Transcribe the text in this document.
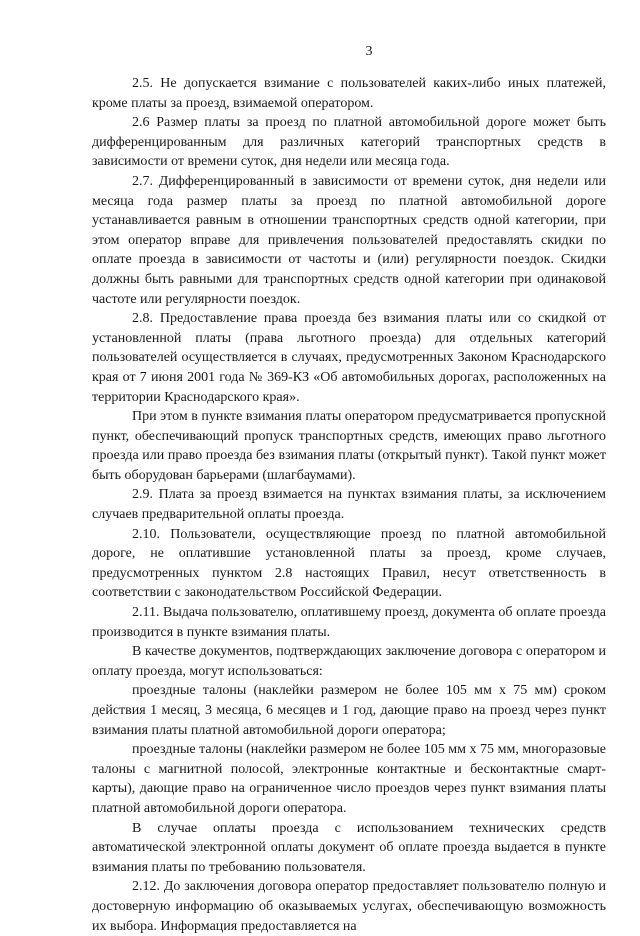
3

2.5. Не допускается взимание с пользователей каких-либо иных платежей, кроме платы за проезд, взимаемой оператором.

2.6 Размер платы за проезд по платной автомобильной дороге может быть дифференцированным для различных категорий транспортных средств в зависимости от времени суток, дня недели или месяца года.

2.7. Дифференцированный в зависимости от времени суток, дня недели или месяца года размер платы за проезд по платной автомобильной дороге устанавливается равным в отношении транспортных средств одной категории, при этом оператор вправе для привлечения пользователей предоставлять скидки по оплате проезда в зависимости от частоты и (или) регулярности поездок. Скидки должны быть равными для транспортных средств одной категории при одинаковой частоте или регулярности поездок.

2.8. Предоставление права проезда без взимания платы или со скидкой от установленной платы (права льготного проезда) для отдельных категорий пользователей осуществляется в случаях, предусмотренных Законом Краснодарского края от 7 июня 2001 года № 369-КЗ «Об автомобильных дорогах, расположенных на территории Краснодарского края».

При этом в пункте взимания платы оператором предусматривается пропускной пункт, обеспечивающий пропуск транспортных средств, имеющих право льготного проезда или право проезда без взимания платы (открытый пункт). Такой пункт может быть оборудован барьерами (шлагбаумами).

2.9. Плата за проезд взимается на пунктах взимания платы, за исключением случаев предварительной оплаты проезда.

2.10. Пользователи, осуществляющие проезд по платной автомобильной дороге, не оплатившие установленной платы за проезд, кроме случаев, предусмотренных пунктом 2.8 настоящих Правил, несут ответственность в соответствии с законодательством Российской Федерации.

2.11. Выдача пользователю, оплатившему проезд, документа об оплате проезда производится в пункте взимания платы.

В качестве документов, подтверждающих заключение договора с оператором и оплату проезда, могут использоваться:

проездные талоны (наклейки размером не более 105 мм х 75 мм) сроком действия 1 месяц, 3 месяца, 6 месяцев и 1 год, дающие право на проезд через пункт взимания платы платной автомобильной дороги оператора;

проездные талоны (наклейки размером не более 105 мм х 75 мм, многоразовые талоны с магнитной полосой, электронные контактные и бесконтактные смарт-карты), дающие право на ограниченное число проездов через пункт взимания платы платной автомобильной дороги оператора.

В случае оплаты проезда с использованием технических средств автоматической электронной оплаты документ об оплате проезда выдается в пункте взимания платы по требованию пользователя.

2.12. До заключения договора оператор предоставляет пользователю полную и достоверную информацию об оказываемых услугах, обеспечивающую возможность их выбора. Информация предоставляется на
